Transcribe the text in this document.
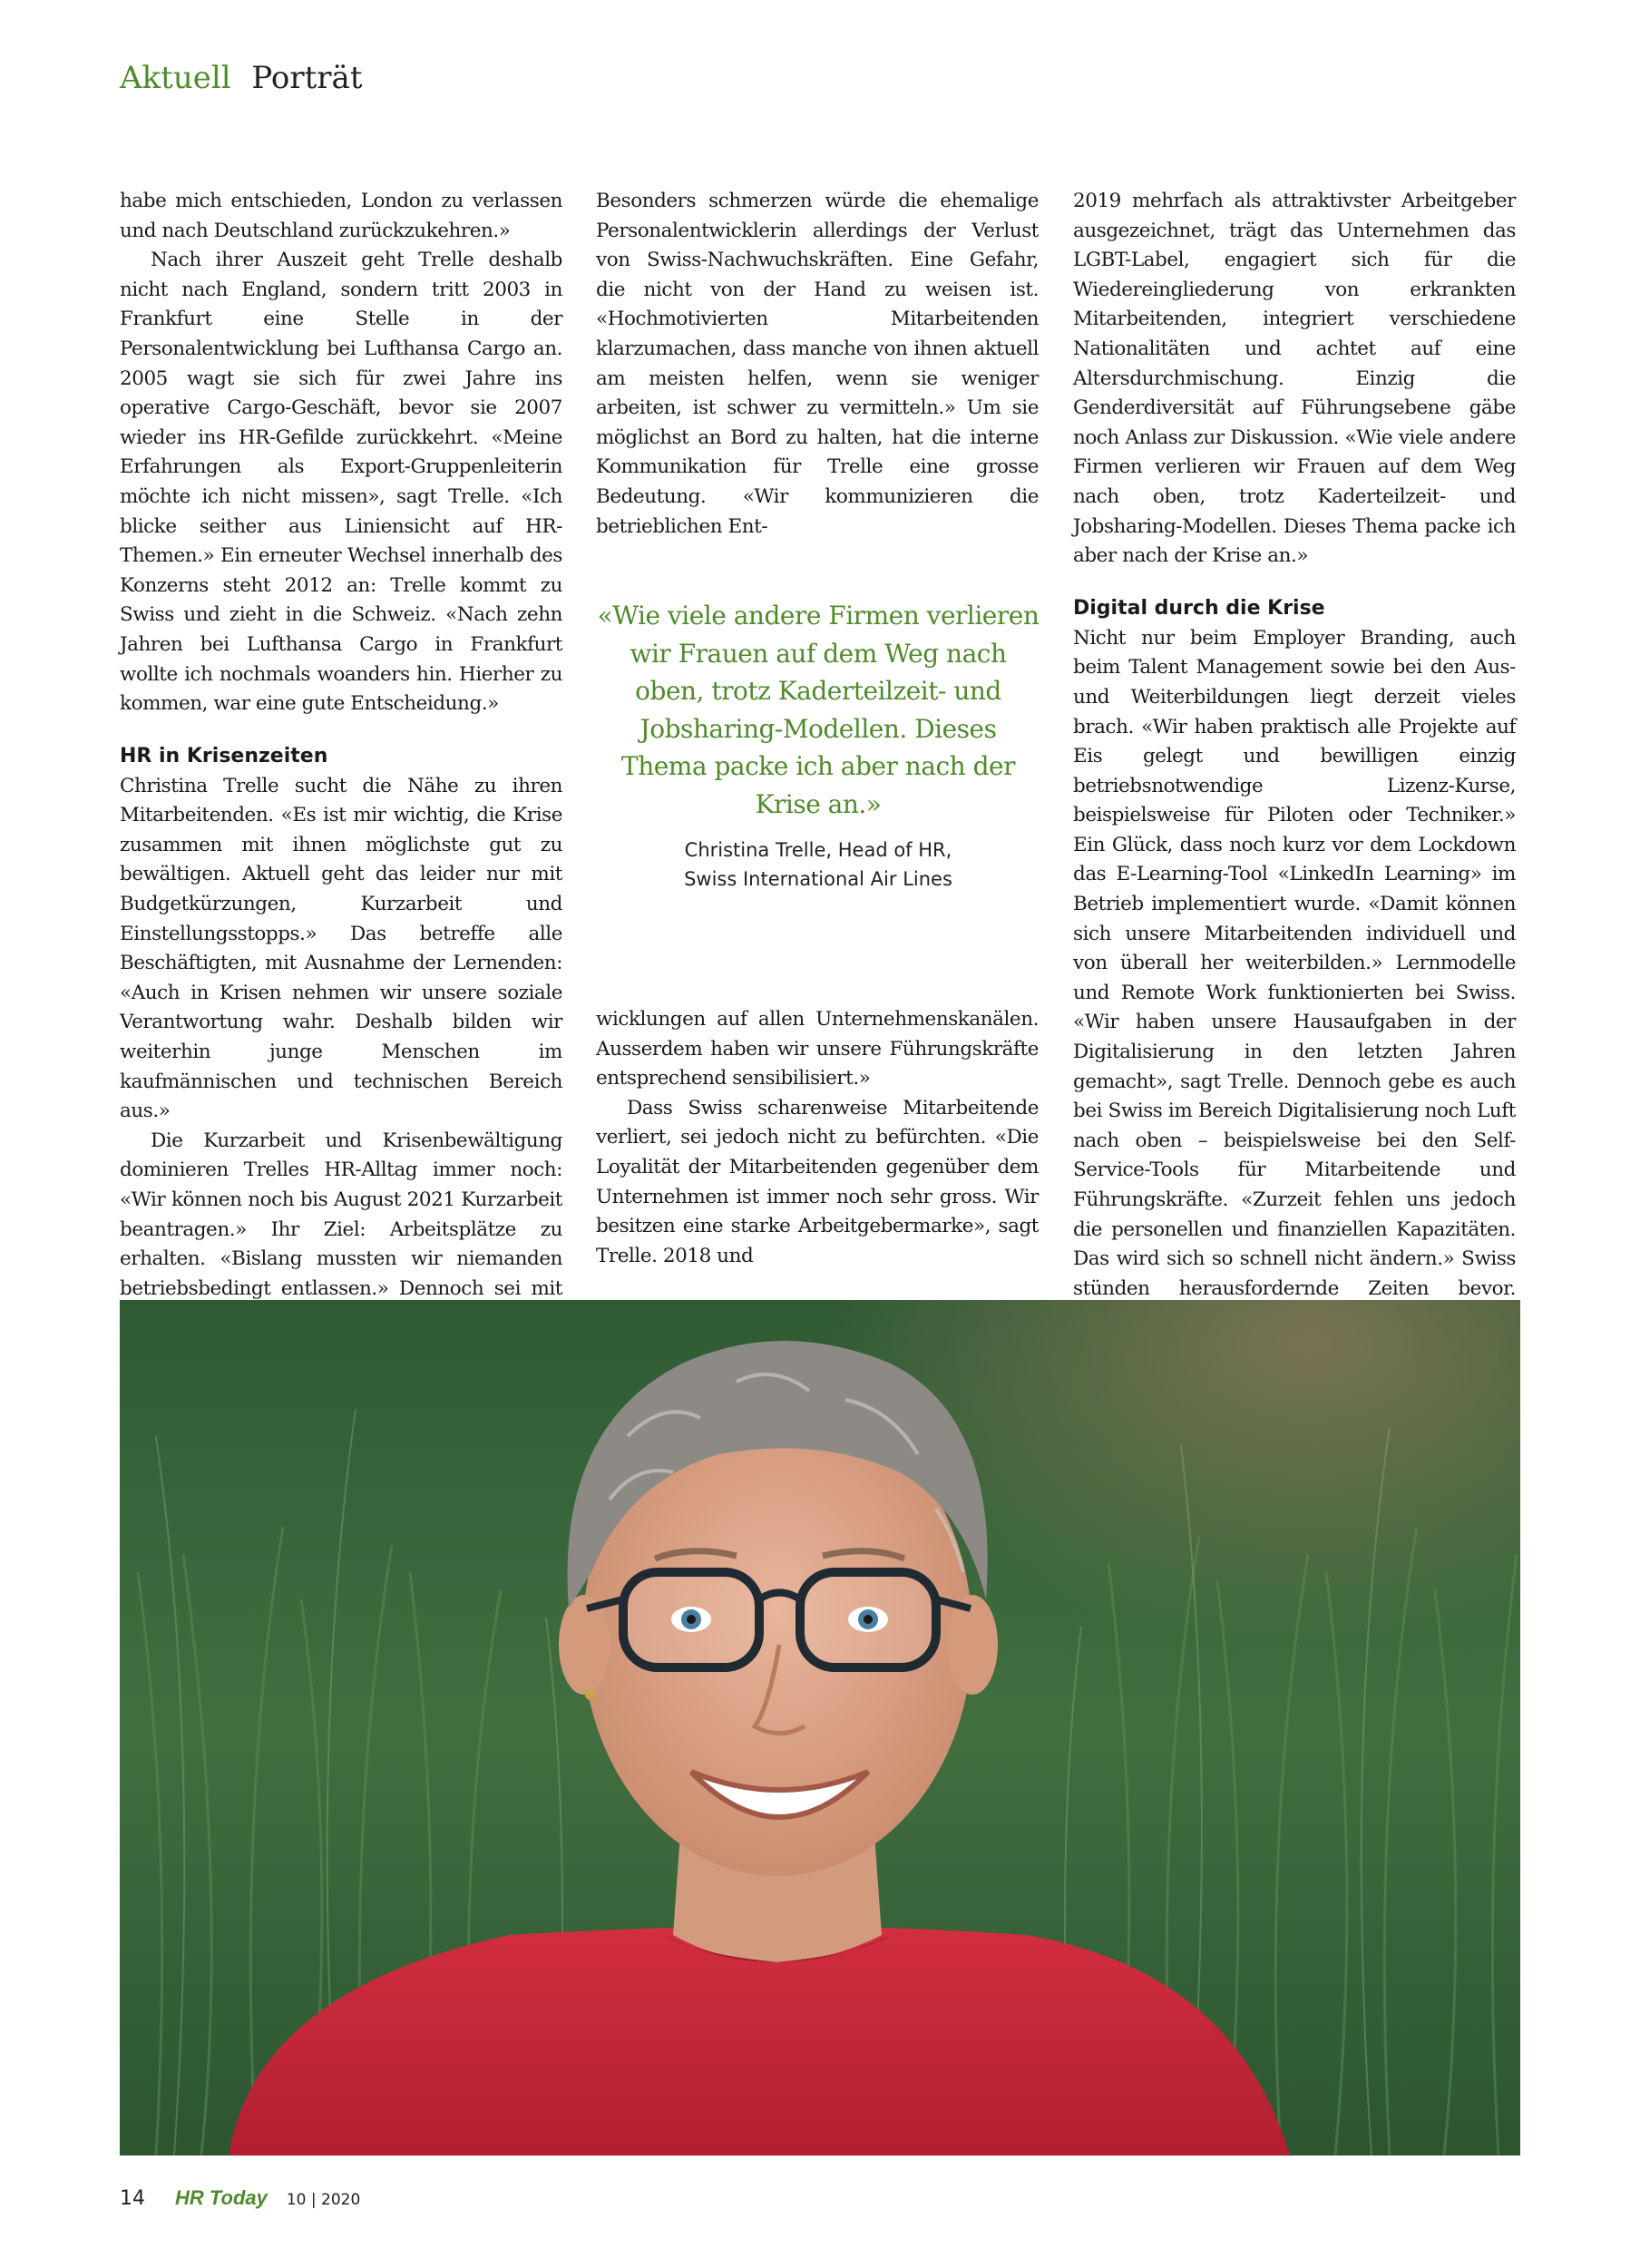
Aktuell Porträt

habe mich entschieden, London zu verlassen und nach Deutschland zurückzukehren.»

Nach ihrer Auszeit geht Trelle deshalb nicht nach England, sondern tritt 2003 in Frankfurt eine Stelle in der Personalentwicklung bei Lufthansa Cargo an. 2005 wagt sie sich für zwei Jahre ins operative Cargo-Geschäft, bevor sie 2007 wieder ins HR-Gefilde zurückkehrt. «Meine Erfahrungen als Export-Gruppenleiterin möchte ich nicht missen», sagt Trelle. «Ich blicke seither aus Liniensicht auf HR-Themen.» Ein erneuter Wechsel innerhalb des Konzerns steht 2012 an: Trelle kommt zu Swiss und zieht in die Schweiz. «Nach zehn Jahren bei Lufthansa Cargo in Frankfurt wollte ich nochmals woanders hin. Hierher zu kommen, war eine gute Entscheidung.»

HR in Krisenzeiten

Christina Trelle sucht die Nähe zu ihren Mitarbeitenden. «Es ist mir wichtig, die Krise zusammen mit ihnen möglichste gut zu bewältigen. Aktuell geht das leider nur mit Budgetkürzungen, Kurzarbeit und Einstellungsstopps.» Das betreffe alle Beschäftigten, mit Ausnahme der Lernenden: «Auch in Krisen nehmen wir unsere soziale Verantwortung wahr. Deshalb bilden wir weiterhin junge Menschen im kaufmännischen und technischen Bereich aus.»

Die Kurzarbeit und Krisenbewältigung dominieren Trelles HR-Alltag immer noch: «Wir können noch bis August 2021 Kurzarbeit beantragen.» Ihr Ziel: Arbeitsplätze zu erhalten. «Bislang mussten wir niemanden betriebsbedingt entlassen.» Dennoch sei mit

Besonders schmerzen würde die ehemalige Personalentwicklerin allerdings der Verlust von Swiss-Nachwuchskräften. Eine Gefahr, die nicht von der Hand zu weisen ist. «Hochmotivierten Mitarbeitenden klarzumachen, dass manche von ihnen aktuell am meisten helfen, wenn sie weniger arbeiten, ist schwer zu vermitteln.» Um sie möglichst an Bord zu halten, hat die interne Kommunikation für Trelle eine grosse Bedeutung. «Wir kommunizieren die betrieblichen Ent-

«Wie viele andere Firmen verlieren wir Frauen auf dem Weg nach oben, trotz Kaderteilzeit- und Jobsharing-Modellen. Dieses Thema packe ich aber nach der Krise an.»

Christina Trelle, Head of HR,
Swiss International Air Lines

wicklungen auf allen Unternehmenskanälen. Ausserdem haben wir unsere Führungskräfte entsprechend sensibilisiert.»

Dass Swiss scharenweise Mitarbeitende verliert, sei jedoch nicht zu befürchten. «Die Loyalität der Mitarbeitenden gegenüber dem Unternehmen ist immer noch sehr gross. Wir besitzen eine starke Arbeitgebermarke», sagt Trelle. 2018 und

2019 mehrfach als attraktivster Arbeitgeber ausgezeichnet, trägt das Unternehmen das LGBT-Label, engagiert sich für die Wiedereingliederung von erkrankten Mitarbeitenden, integriert verschiedene Nationalitäten und achtet auf eine Altersdurchmischung. Einzig die Genderdiversität auf Führungsebene gäbe noch Anlass zur Diskussion. «Wie viele andere Firmen verlieren wir Frauen auf dem Weg nach oben, trotz Kaderteilzeit- und Jobsharing-Modellen. Dieses Thema packe ich aber nach der Krise an.»

Digital durch die Krise

Nicht nur beim Employer Branding, auch beim Talent Management sowie bei den Aus- und Weiterbildungen liegt derzeit vieles brach. «Wir haben praktisch alle Projekte auf Eis gelegt und bewilligen einzig betriebsnotwendige Lizenz-Kurse, beispielsweise für Piloten oder Techniker.» Ein Glück, dass noch kurz vor dem Lockdown das E-Learning-Tool «LinkedIn Learning» im Betrieb implementiert wurde. «Damit können sich unsere Mitarbeitenden individuell und von überall her weiterbilden.» Lernmodelle und Remote Work funktionierten bei Swiss. «Wir haben unsere Hausaufgaben in der Digitalisierung in den letzten Jahren gemacht», sagt Trelle. Dennoch gebe es auch bei Swiss im Bereich Digitalisierung noch Luft nach oben – beispielsweise bei den Self-Service-Tools für Mitarbeitende und Führungskräfte. «Zurzeit fehlen uns jedoch die personellen und finanziellen Kapazitäten. Das wird sich so schnell nicht ändern.» Swiss stünden herausfordernde Zeiten bevor.

14 HR Today 10 | 2020
